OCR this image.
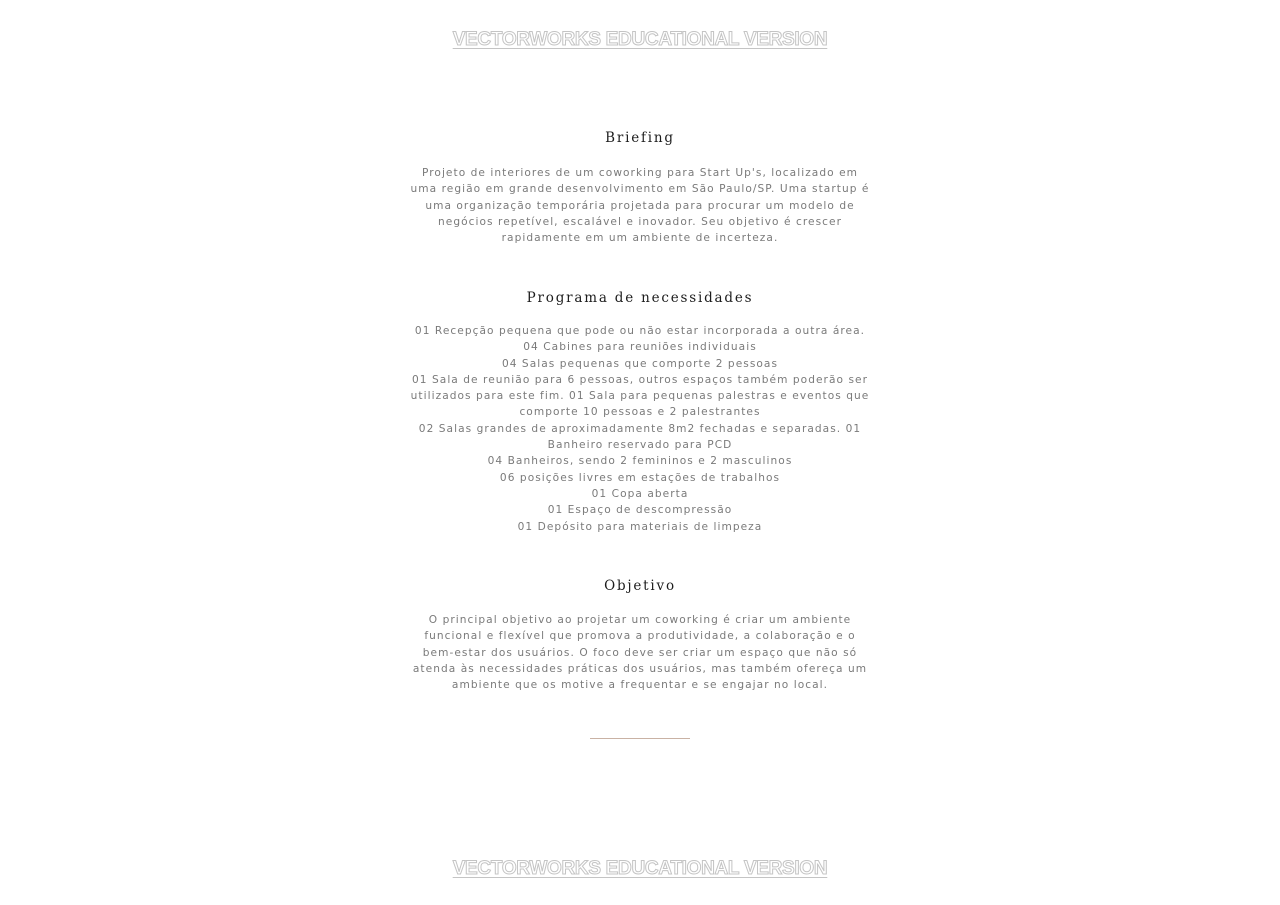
VECTORWORKS EDUCATIONAL VERSION
Briefing

Projeto de interiores de um coworking para Start Up's, localizado em uma região em grande desenvolvimento em São Paulo/SP. Uma startup é uma organização temporária projetada para procurar um modelo de negócios repetível, escalável e inovador. Seu objetivo é crescer rapidamente em um ambiente de incerteza.

Programa de necessidades
01 Recepção pequena que pode ou não estar incorporada a outra área.
04 Cabines para reuniões individuais
04 Salas pequenas que comporte 2 pessoas
01 Sala de reunião para 6 pessoas, outros espaços também poderão ser utilizados para este fim. 01 Sala para pequenas palestras e eventos que comporte 10 pessoas e 2 palestrantes
02 Salas grandes de aproximadamente 8m2 fechadas e separadas. 01 Banheiro reservado para PCD
04 Banheiros, sendo 2 femininos e 2 masculinos
06 posições livres em estações de trabalhos
01 Copa aberta
01 Espaço de descompressão
01 Depósito para materiais de limpeza
Objetivo

O principal objetivo ao projetar um coworking é criar um ambiente funcional e flexível que promova a produtividade, a colaboração e o bem-estar dos usuários. O foco deve ser criar um espaço que não só atenda às necessidades práticas dos usuários, mas também ofereça um ambiente que os motive a frequentar e se engajar no local.

VECTORWORKS EDUCATIONAL VERSION
